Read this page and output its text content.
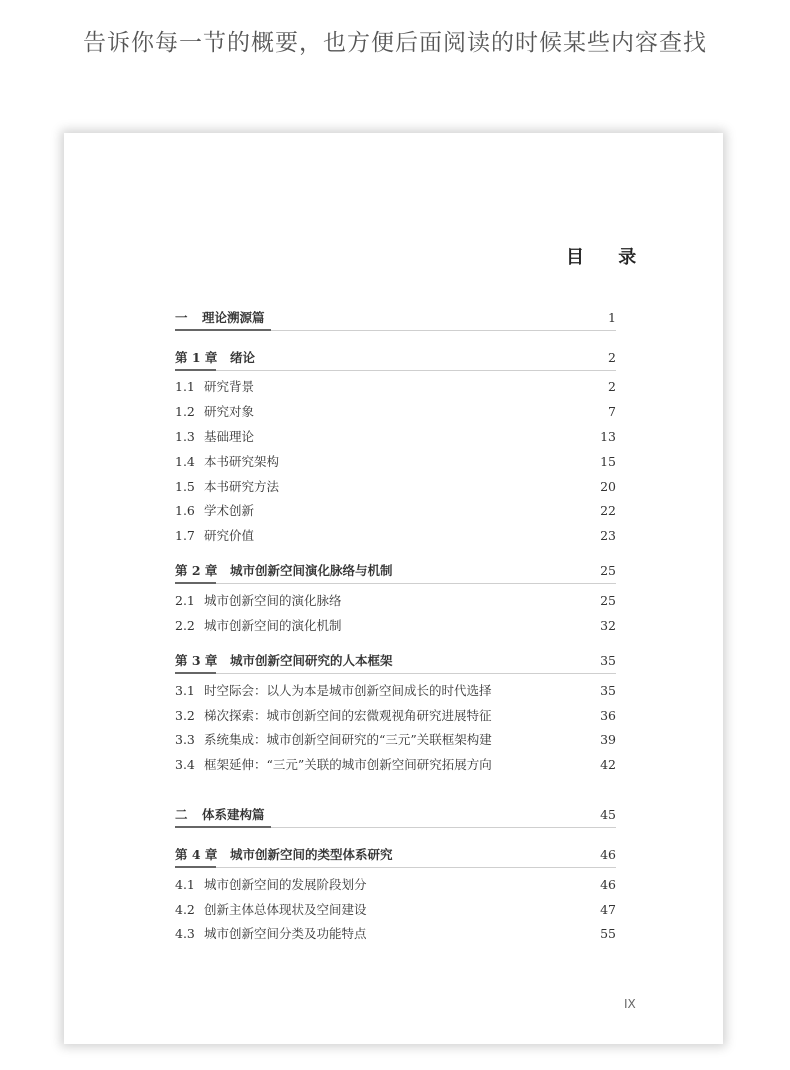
告诉你每一节的概要，也方便后面阅读的时候某些内容查找
目 录
一 理论溯源篇	1
第 1 章 绪论	2
1.1 研究背景	2
1.2 研究对象	7
1.3 基础理论	13
1.4 本书研究架构	15
1.5 本书研究方法	20
1.6 学术创新	22
1.7 研究价值	23
第 2 章 城市创新空间演化脉络与机制	25
2.1 城市创新空间的演化脉络	25
2.2 城市创新空间的演化机制	32
第 3 章 城市创新空间研究的人本框架	35
3.1 时空际会：以人为本是城市创新空间成长的时代选择	35
3.2 梯次探索：城市创新空间的宏微观视角研究进展特征	36
3.3 系统集成：城市创新空间研究的“三元”关联框架构建	39
3.4 框架延伸：“三元”关联的城市创新空间研究拓展方向	42
二 体系建构篇	45
第 4 章 城市创新空间的类型体系研究	46
4.1 城市创新空间的发展阶段划分	46
4.2 创新主体总体现状及空间建设	47
4.3 城市创新空间分类及功能特点	55
IX
